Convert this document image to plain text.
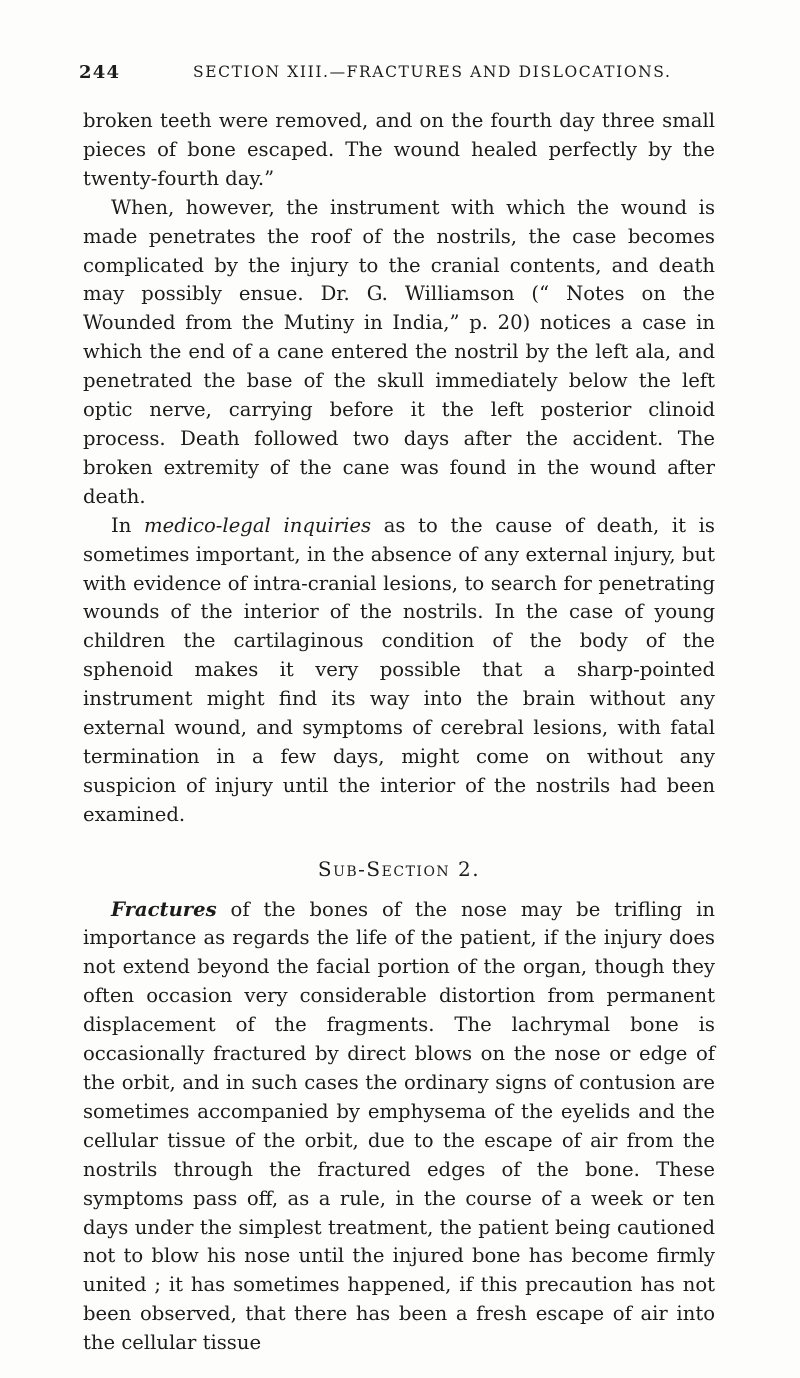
244	SECTION XIII.—FRACTURES AND DISLOCATIONS.

broken teeth were removed, and on the fourth day three small pieces of bone escaped. The wound healed perfectly by the twenty-fourth day.”

When, however, the instrument with which the wound is made penetrates the roof of the nostrils, the case becomes complicated by the injury to the cranial contents, and death may possibly ensue. Dr. G. Williamson (“ Notes on the Wounded from the Mutiny in India,” p. 20) notices a case in which the end of a cane entered the nostril by the left ala, and penetrated the base of the skull immediately below the left optic nerve, carrying before it the left posterior clinoid process. Death followed two days after the accident. The broken extremity of the cane was found in the wound after death.

In medico-legal inquiries as to the cause of death, it is sometimes important, in the absence of any external injury, but with evidence of intra-cranial lesions, to search for penetrating wounds of the interior of the nostrils. In the case of young children the cartilaginous condition of the body of the sphenoid makes it very possible that a sharp-pointed instrument might find its way into the brain without any external wound, and symptoms of cerebral lesions, with fatal termination in a few days, might come on without any suspicion of injury until the interior of the nostrils had been examined.

Sub-Section 2.

Fractures of the bones of the nose may be trifling in importance as regards the life of the patient, if the injury does not extend beyond the facial portion of the organ, though they often occasion very considerable distortion from permanent displacement of the fragments. The lachrymal bone is occasionally fractured by direct blows on the nose or edge of the orbit, and in such cases the ordinary signs of contusion are sometimes accompanied by emphysema of the eyelids and the cellular tissue of the orbit, due to the escape of air from the nostrils through the fractured edges of the bone. These symptoms pass off, as a rule, in the course of a week or ten days under the simplest treatment, the patient being cautioned not to blow his nose until the injured bone has become firmly united ; it has sometimes happened, if this precaution has not been observed, that there has been a fresh escape of air into the cellular tissue
